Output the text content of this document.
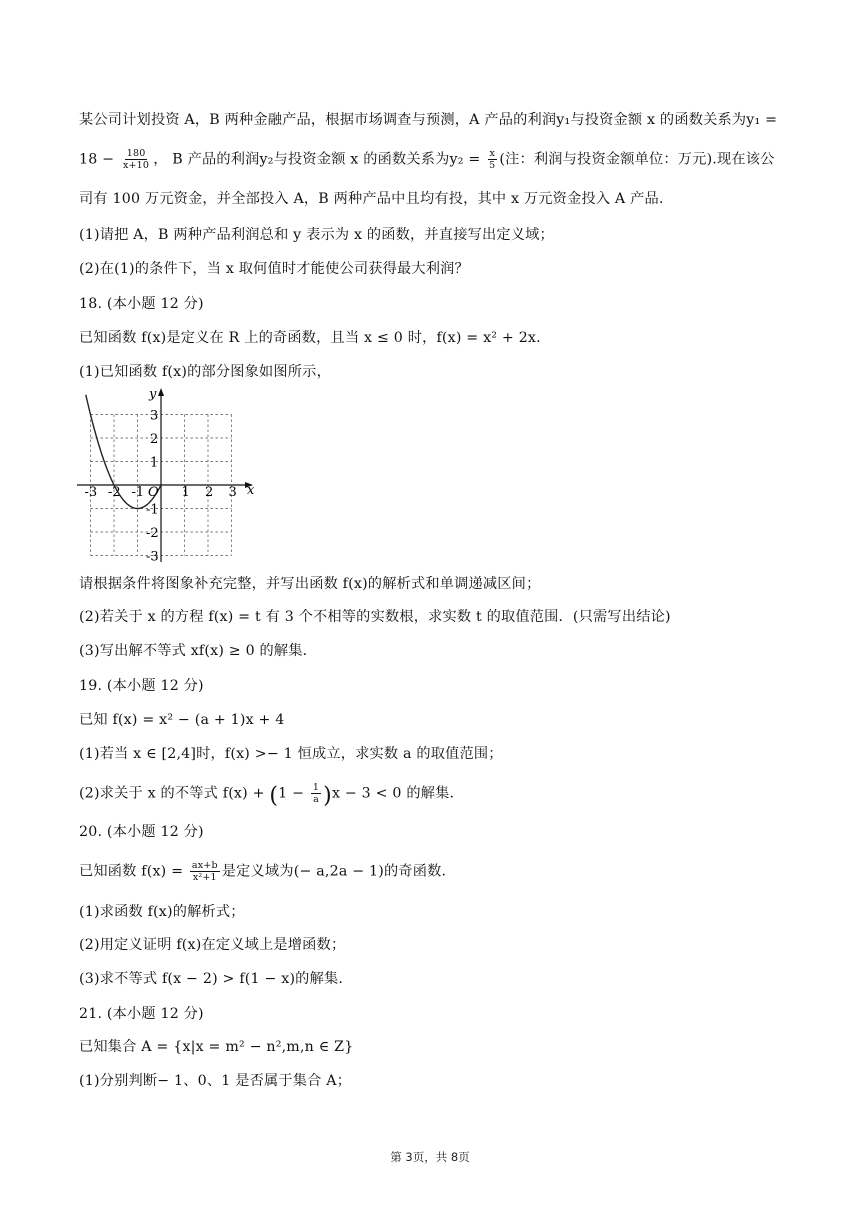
某公司计划投资 A，B 两种金融产品，根据市场调查与预测，A 产品的利润y₁与投资金额 x 的函数关系为y₁ =
$18 - \frac{180}{x+10}$ ， B 产品的利润y₂与投资金额 x 的函数关系为$y_2 = \frac{x}{5}$ (注：利润与投资金额单位：万元).现在该公
司有 100 万元资金，并全部投入 A，B 两种产品中且均有投，其中 x 万元资金投入 A 产品.
(1)请把 A，B 两种产品利润总和 y 表示为 x 的函数，并直接写出定义域；
(2)在(1)的条件下，当 x 取何值时才能使公司获得最大利润？
18. (本小题 12 分)
已知函数 f(x)是定义在 R 上的奇函数，且当 x ≤ 0 时，f(x) = x² + 2x.
(1)已知函数 f(x)的部分图象如图所示，
-3 -2 -1	1 2 3
3
2
1
-1
-2
-3
y
x
O
请根据条件将图象补充完整，并写出函数 f(x)的解析式和单调递减区间；
(2)若关于 x 的方程 f(x) = t 有 3 个不相等的实数根，求实数 t 的取值范围．(只需写出结论)
(3)写出解不等式 xf(x) ≥ 0 的解集.
19. (本小题 12 分)
已知 f(x) = x² − (a + 1)x + 4
(1)若当 x ∈ [2,4]时，f(x) >− 1 恒成立，求实数 a 的取值范围；
(2)求关于 x 的不等式 $f(x) + (1 - \frac{1}{a} )x - 3 < 0$ 的解集.
20. (本小题 12 分)
已知函数 $f(x) = \frac{ax+b}{\text{x²+1}}$ 是定义域为(− a,2a − 1)的奇函数.
(1)求函数 f(x)的解析式；
(2)用定义证明 f(x)在定义域上是增函数；
(3)求不等式 f(x − 2) > f(1 − x)的解集.
21. (本小题 12 分)
已知集合 A = {x|x = m² − n²,m,n ∈ Z}
(1)分别判断− 1、0、1 是否属于集合 A；
第 3页，共 8页
